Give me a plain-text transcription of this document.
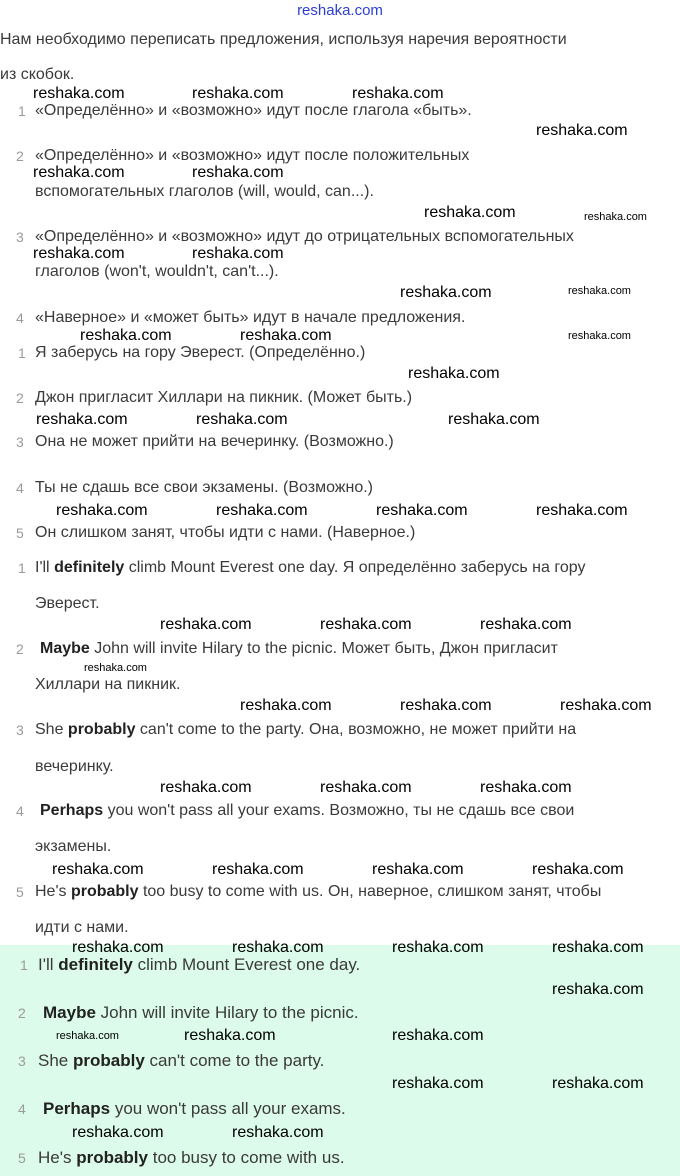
reshaka.com
Нам необходимо переписать предложения, используя наречия вероятности
из скобок.
1 «Определённо» и «возможно» идут после глагола «быть».
2 «Определённо» и «возможно» идут после положительных
вспомогательных глаголов (will, would, can...).
3 «Определённо» и «возможно» идут до отрицательных вспомогательных
глаголов (won't, wouldn't, can't...).
4 «Наверное» и «может быть» идут в начале предложения.
1 Я заберусь на гору Эверест. (Определённо.)
2 Джон пригласит Хиллари на пикник. (Может быть.)
3 Она не может прийти на вечеринку. (Возможно.)
4 Ты не сдашь все свои экзамены. (Возможно.)
5 Он слишком занят, чтобы идти с нами. (Наверное.)
1 I'll definitely climb Mount Everest one day. Я определённо заберусь на гору
Эверест.
2 Maybe John will invite Hilary to the picnic. Может быть, Джон пригласит
Хиллари на пикник.
3 She probably can't come to the party. Она, возможно, не может прийти на
вечеринку.
4 Perhaps you won't pass all your exams. Возможно, ты не сдашь все свои
экзамены.
5 He's probably too busy to come with us. Он, наверное, слишком занят, чтобы
идти с нами.
1 I'll definitely climb Mount Everest one day.
2 Maybe John will invite Hilary to the picnic.
3 She probably can't come to the party.
4 Perhaps you won't pass all your exams.
5 He's probably too busy to come with us.
reshaka.com	reshaka.com	reshaka.com
reshaka.com
reshaka.com	reshaka.com
reshaka.com	reshaka.com
reshaka.com	reshaka.com
reshaka.com	reshaka.com
reshaka.com	reshaka.com	reshaka.com
reshaka.com
reshaka.com	reshaka.com	reshaka.com
reshaka.com	reshaka.com	reshaka.com	reshaka.com
reshaka.com	reshaka.com	reshaka.com
reshaka.com
reshaka.com	reshaka.com	reshaka.com
reshaka.com	reshaka.com	reshaka.com
reshaka.com	reshaka.com	reshaka.com
reshaka.com
reshaka.com	reshaka.com	reshaka.com
reshaka.com
reshaka.com
reshaka.com	reshaka.com	reshaka.com
reshaka.com
reshaka.com
reshaka.com	reshaka.com
